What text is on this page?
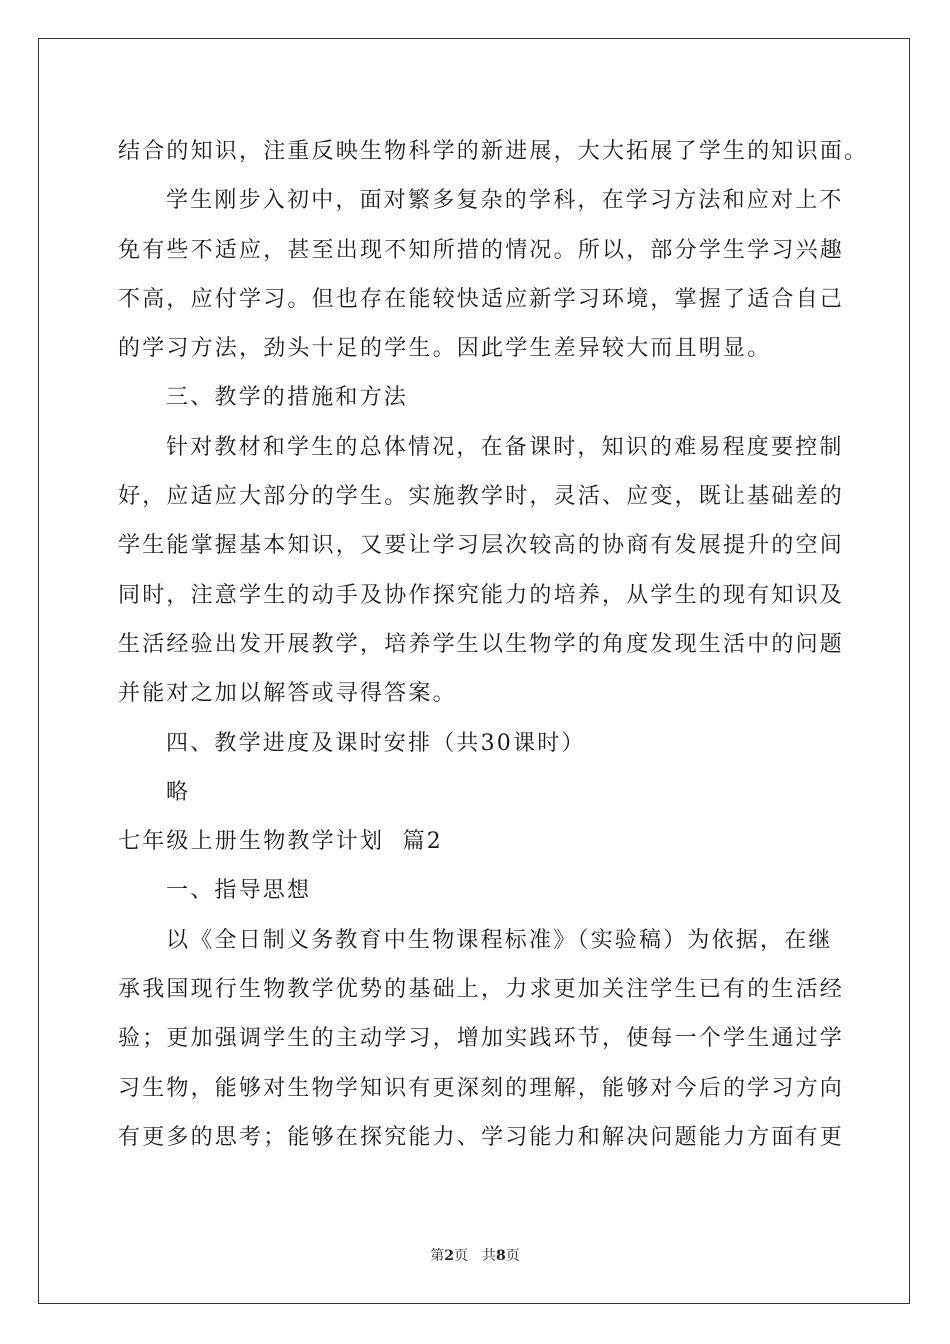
结合的知识，注重反映生物科学的新进展，大大拓展了学生的知识面。
学生刚步入初中，面对繁多复杂的学科，在学习方法和应对上不
免有些不适应，甚至出现不知所措的情况。所以，部分学生学习兴趣
不高，应付学习。但也存在能较快适应新学习环境，掌握了适合自己
的学习方法，劲头十足的学生。因此学生差异较大而且明显。
三、教学的措施和方法
针对教材和学生的总体情况，在备课时，知识的难易程度要控制
好，应适应大部分的学生。实施教学时，灵活、应变，既让基础差的
学生能掌握基本知识，又要让学习层次较高的协商有发展提升的空间
同时，注意学生的动手及协作探究能力的培养，从学生的现有知识及
生活经验出发开展教学，培养学生以生物学的角度发现生活中的问题
并能对之加以解答或寻得答案。
四、教学进度及课时安排（共30课时）
略
七年级上册生物教学计划  篇2
一、指导思想
以《全日制义务教育中生物课程标准》（实验稿）为依据，在继
承我国现行生物教学优势的基础上，力求更加关注学生已有的生活经
验；更加强调学生的主动学习，增加实践环节，使每一个学生通过学
习生物，能够对生物学知识有更深刻的理解，能够对今后的学习方向
有更多的思考；能够在探究能力、学习能力和解决问题能力方面有更
第2页 共8页
